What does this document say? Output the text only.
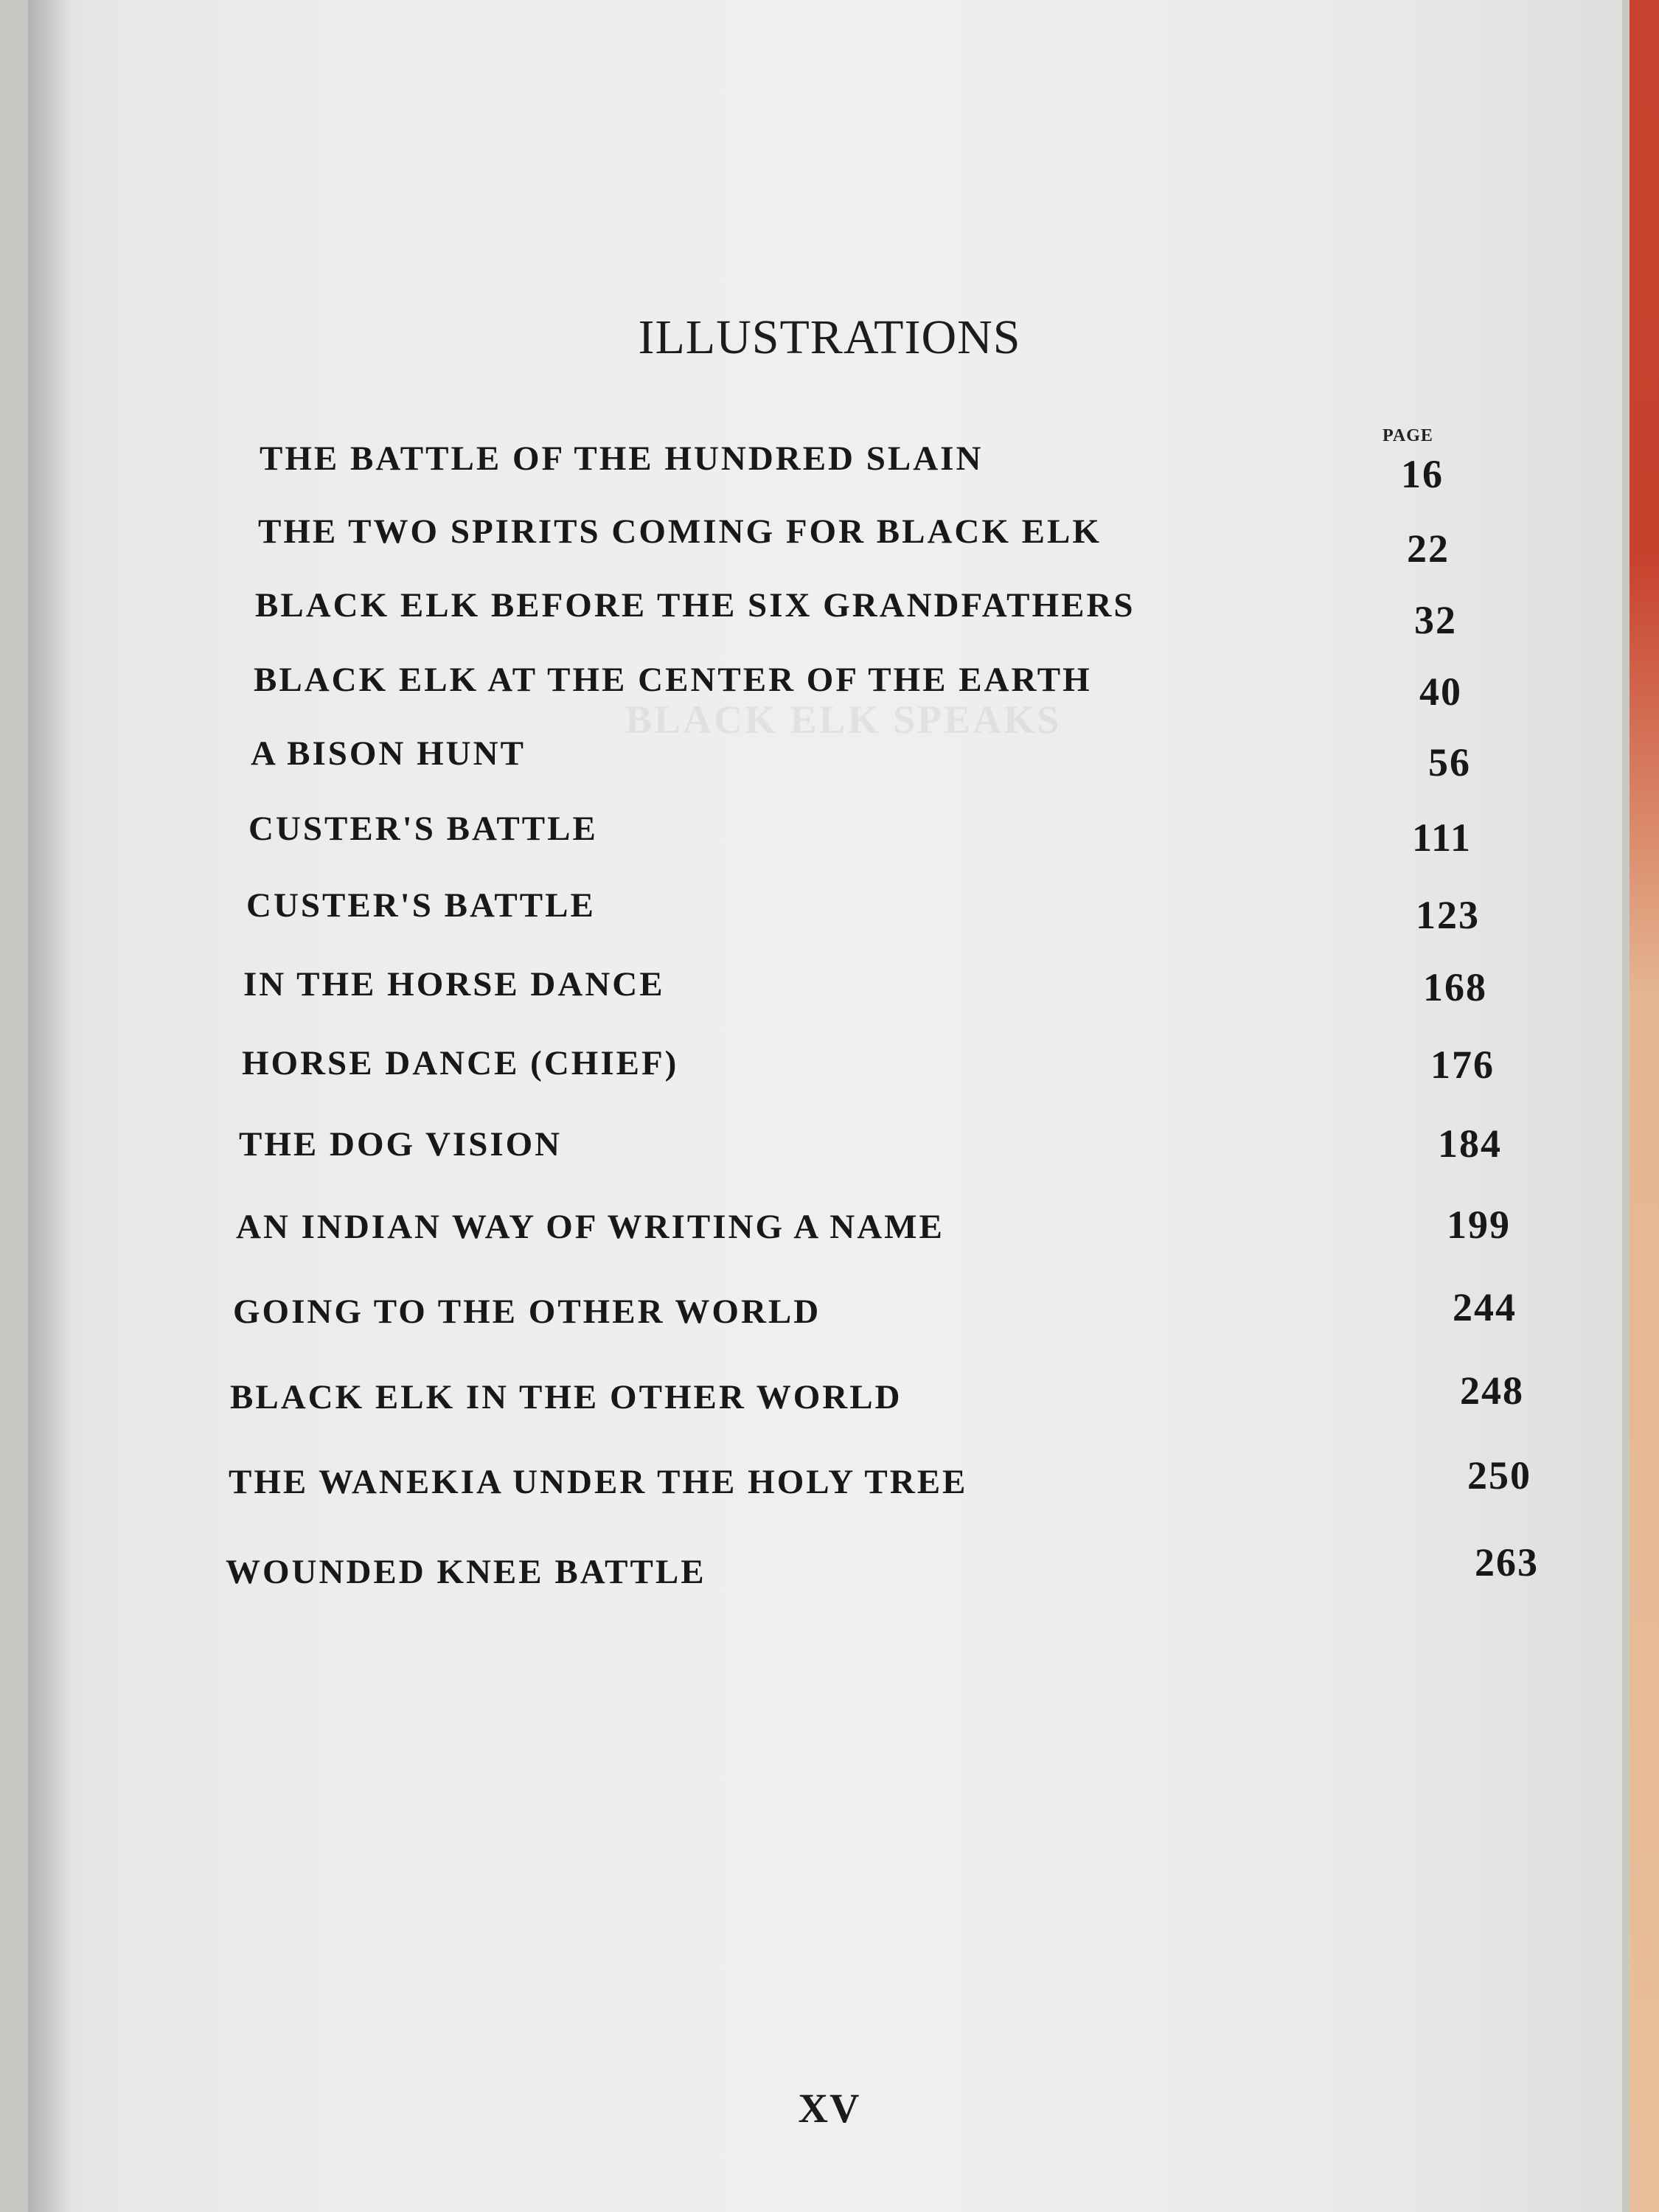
BLACK ELK SPEAKS
ILLUSTRATIONS
PAGE
THE BATTLE OF THE HUNDRED SLAIN	16
THE TWO SPIRITS COMING FOR BLACK ELK	22
BLACK ELK BEFORE THE SIX GRANDFATHERS	32
BLACK ELK AT THE CENTER OF THE EARTH	40
A BISON HUNT	56
CUSTER'S BATTLE	111
CUSTER'S BATTLE	123
IN THE HORSE DANCE	168
HORSE DANCE (CHIEF)	176
THE DOG VISION	184
AN INDIAN WAY OF WRITING A NAME	199
GOING TO THE OTHER WORLD	244
BLACK ELK IN THE OTHER WORLD	248
THE WANEKIA UNDER THE HOLY TREE	250
WOUNDED KNEE BATTLE	263
XV
